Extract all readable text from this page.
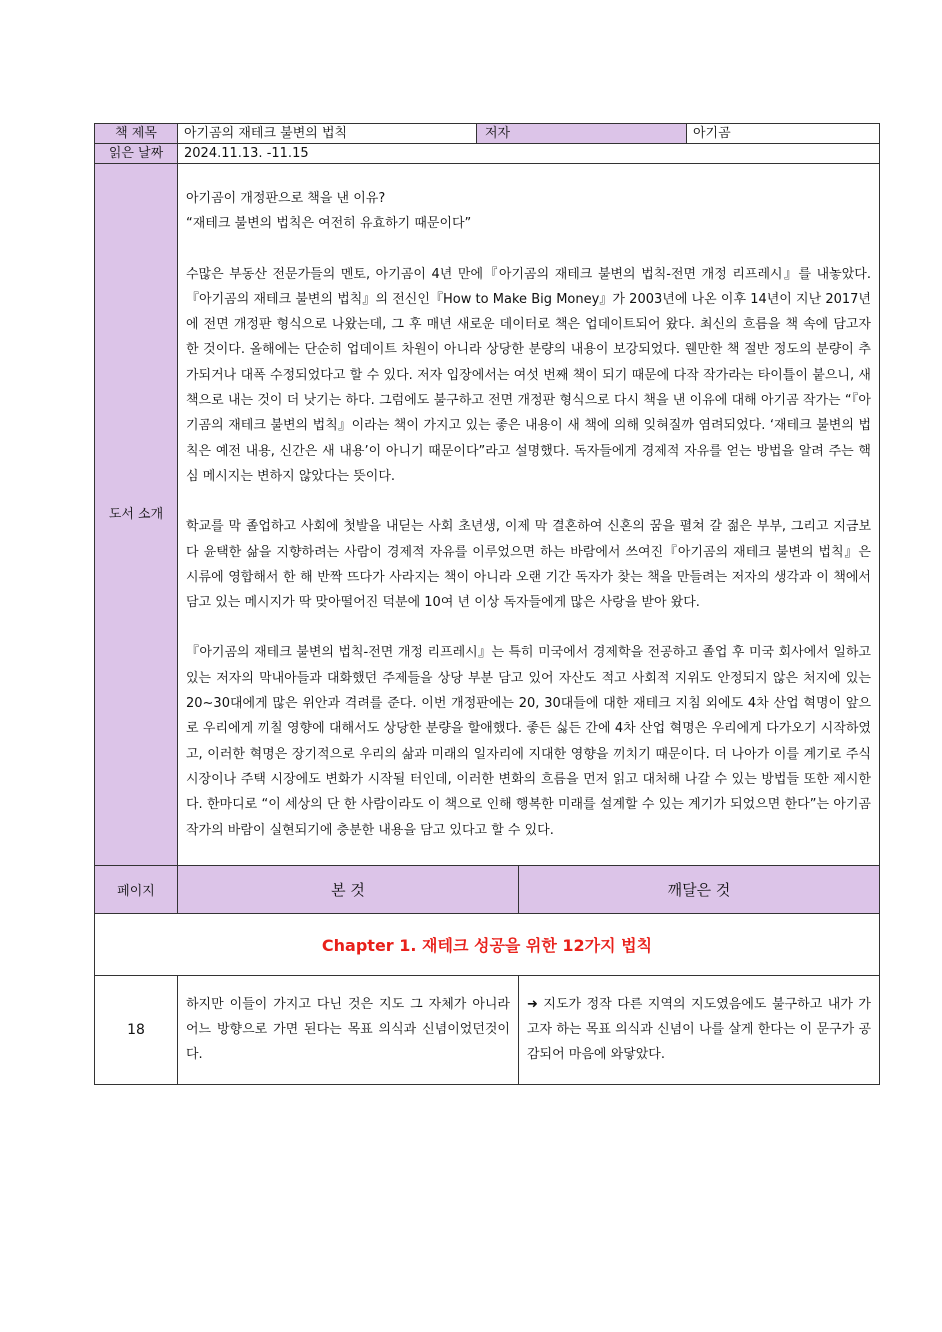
책 제목	아기곰의 재테크 불변의 법칙	저자		아기곰
읽은 날짜	2024.11.13. -11.15			
도서 소개	아기곰이 개정판으로 책을 낸 이유?

“재테크 불변의 법칙은 여전히 유효하기 때문이다”

수많은 부동산 전문가들의 멘토, 아기곰이 4년 만에『아기곰의 재테크 불변의 법칙-전면 개정 리프레시』를 내놓았다.『아기곰의 재테크 불변의 법칙』의 전신인『How to Make Big Money』가 2003년에 나온 이후 14년이 지난 2017년에 전면 개정판 형식으로 나왔는데, 그 후 매년 새로운 데이터로 책은 업데이트되어 왔다. 최신의 흐름을 책 속에 담고자 한 것이다. 올해에는 단순히 업데이트 차원이 아니라 상당한 분량의 내용이 보강되었다. 웬만한 책 절반 정도의 분량이 추가되거나 대폭 수정되었다고 할 수 있다. 저자 입장에서는 여섯 번째 책이 되기 때문에 다작 작가라는 타이틀이 붙으니, 새 책으로 내는 것이 더 낫기는 하다. 그럼에도 불구하고 전면 개정판 형식으로 다시 책을 낸 이유에 대해 아기곰 작가는 “『아기곰의 재테크 불변의 법칙』이라는 책이 가지고 있는 좋은 내용이 새 책에 의해 잊혀질까 염려되었다. ‘재테크 불변의 법칙은 예전 내용, 신간은 새 내용’이 아니기 때문이다”라고 설명했다. 독자들에게 경제적 자유를 얻는 방법을 알려 주는 핵심 메시지는 변하지 않았다는 뜻이다.

학교를 막 졸업하고 사회에 첫발을 내딛는 사회 초년생, 이제 막 결혼하여 신혼의 꿈을 펼쳐 갈 젊은 부부, 그리고 지금보다 윤택한 삶을 지향하려는 사람이 경제적 자유를 이루었으면 하는 바람에서 쓰여진『아기곰의 재테크 불변의 법칙』은 시류에 영합해서 한 해 반짝 뜨다가 사라지는 책이 아니라 오랜 기간 독자가 찾는 책을 만들려는 저자의 생각과 이 책에서 담고 있는 메시지가 딱 맞아떨어진 덕분에 10여 년 이상 독자들에게 많은 사랑을 받아 왔다.

『아기곰의 재테크 불변의 법칙-전면 개정 리프레시』는 특히 미국에서 경제학을 전공하고 졸업 후 미국 회사에서 일하고 있는 저자의 막내아들과 대화했던 주제들을 상당 부분 담고 있어 자산도 적고 사회적 지위도 안정되지 않은 처지에 있는 20~30대에게 많은 위안과 격려를 준다. 이번 개정판에는 20, 30대들에 대한 재테크 지침 외에도 4차 산업 혁명이 앞으로 우리에게 끼칠 영향에 대해서도 상당한 분량을 할애했다. 좋든 싫든 간에 4차 산업 혁명은 우리에게 다가오기 시작하였고, 이러한 혁명은 장기적으로 우리의 삶과 미래의 일자리에 지대한 영향을 끼치기 때문이다. 더 나아가 이를 계기로 주식 시장이나 주택 시장에도 변화가 시작될 터인데, 이러한 변화의 흐름을 먼저 읽고 대처해 나갈 수 있는 방법들 또한 제시한다. 한마디로 “이 세상의 단 한 사람이라도 이 책으로 인해 행복한 미래를 설계할 수 있는 계기가 되었으면 한다”는 아기곰 작가의 바람이 실현되기에 충분한 내용을 담고 있다고 할 수 있다.			

페이지	본 것		깨달은 것	
Chapter 1. 재테크 성공을 위한 12가지 법칙				
18	하지만 이들이 가지고 다닌 것은 지도 그 자체가 아니라 어느 방향으로 가면 된다는 목표 의식과 신념이었던것이다.		➜ 지도가 정작 다른 지역의 지도였음에도 불구하고 내가 가고자 하는 목표 의식과 신념이 나를 살게 한다는 이 문구가 공감되어 마음에 와닿았다.	
